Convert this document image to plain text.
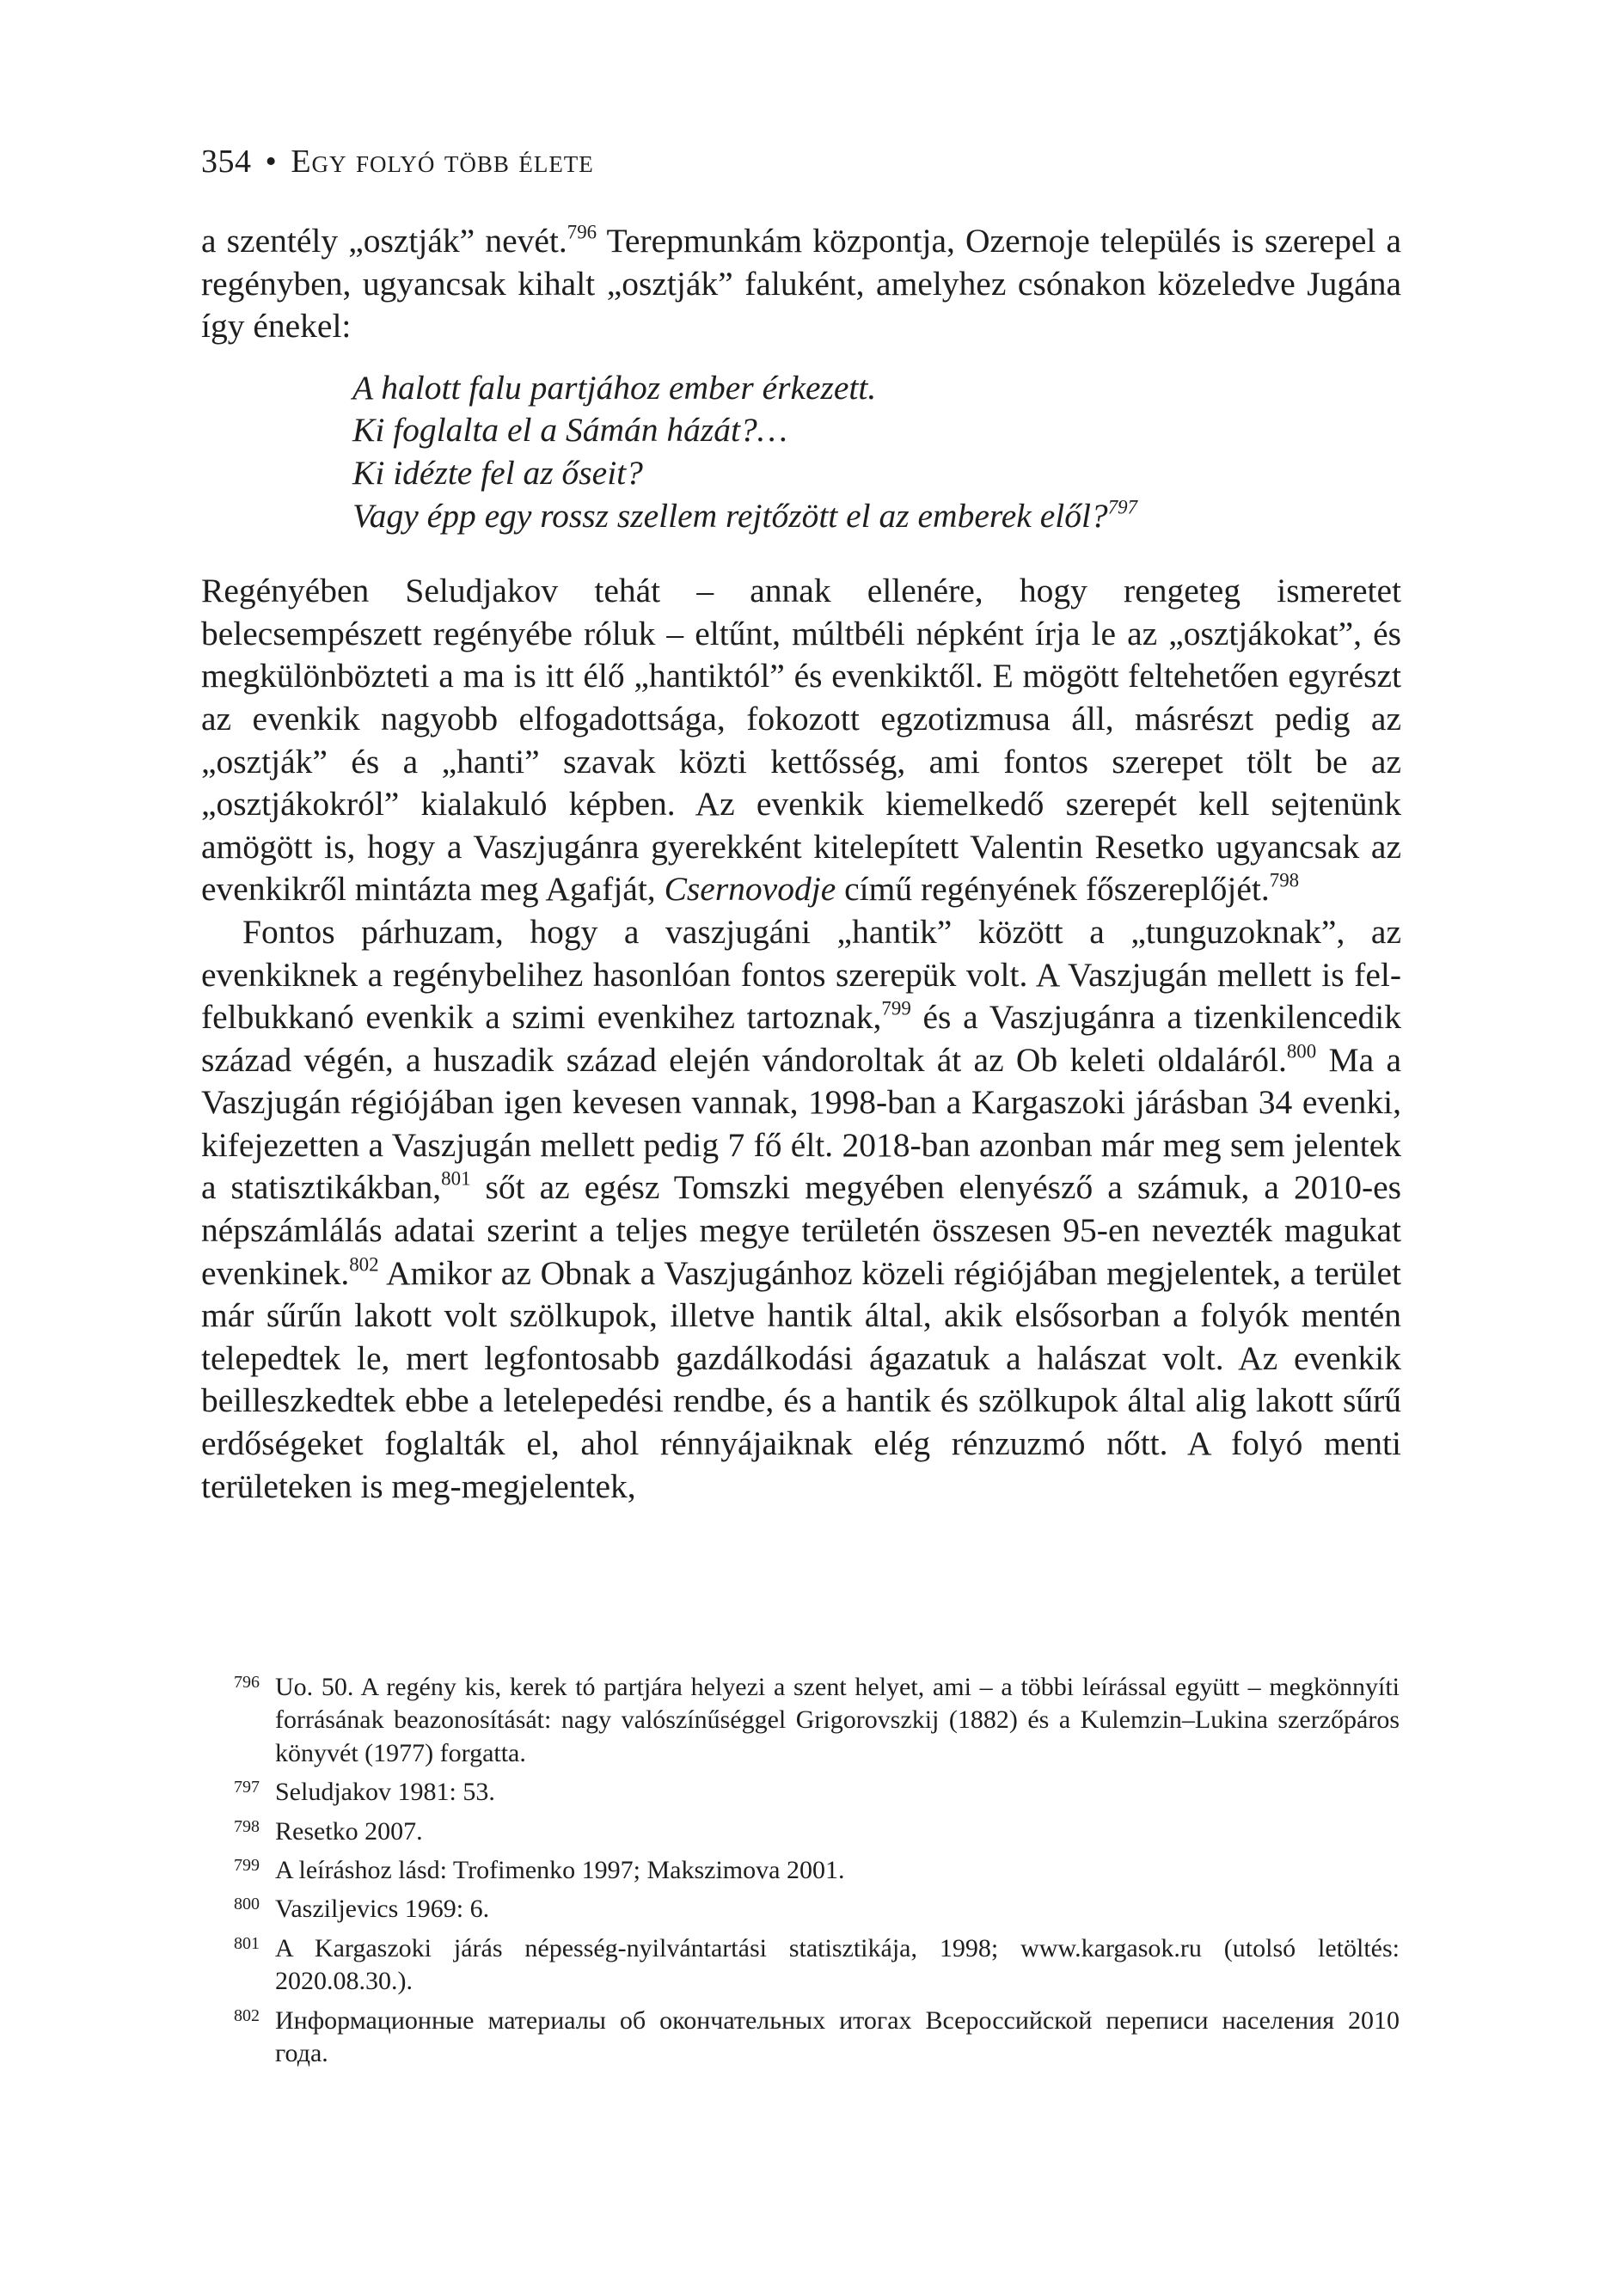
354 • Egy folyó több élete

a szentély „osztják” nevét.$^{796}$ Terepmunkám központja, Ozernoje település is szerepel a regényben, ugyancsak kihalt „osztják” faluként, amelyhez csónakon közeledve Jugána így énekel:

A halott falu partjához ember érkezett.
Ki foglalta el a Sámán házát?…
Ki idézte fel az őseit?
Vagy épp egy rossz szellem rejtőzött el az emberek elől?$^{797}$

Regényében Seludjakov tehát – annak ellenére, hogy rengeteg ismeretet belecsempészett regényébe róluk – eltűnt, múltbéli népként írja le az „osztjákokat”, és megkülönbözteti a ma is itt élő „hantiktól” és evenkiktől. E mögött feltehetően egyrészt az evenkik nagyobb elfogadottsága, fokozott egzotizmusa áll, másrészt pedig az „osztják” és a „hanti” szavak közti kettősség, ami fontos szerepet tölt be az „osztjákokról” kialakuló képben. Az evenkik kiemelkedő szerepét kell sejtenünk amögött is, hogy a Vaszjugánra gyerekként kitelepített Valentin Resetko ugyancsak az evenkikről mintázta meg Agafját, Csernovodje című regényének főszereplőjét.$^{798}$

Fontos párhuzam, hogy a vaszjugáni „hantik” között a „tunguzoknak”, az evenkiknek a regénybelihez hasonlóan fontos szerepük volt. A Vaszjugán mellett is fel-felbukkanó evenkik a szimi evenkihez tartoznak,$^{799}$ és a Vaszjugánra a tizenkilencedik század végén, a huszadik század elején vándoroltak át az Ob keleti oldaláról.$^{800}$ Ma a Vaszjugán régiójában igen kevesen vannak, 1998-ban a Kargaszoki járásban 34 evenki, kifejezetten a Vaszjugán mellett pedig 7 fő élt. 2018-ban azonban már meg sem jelentek a statisztikákban,$^{801}$ sőt az egész Tomszki megyében elenyésző a számuk, a 2010-es népszámlálás adatai szerint a teljes megye területén összesen 95-en nevezték magukat evenkinek.$^{802}$ Amikor az Obnak a Vaszjugánhoz közeli régiójában megjelentek, a terület már sűrűn lakott volt szölkupok, illetve hantik által, akik elsősorban a folyók mentén telepedtek le, mert legfontosabb gazdálkodási ágazatuk a halászat volt. Az evenkik beilleszkedtek ebbe a letelepedési rendbe, és a hantik és szölkupok által alig lakott sűrű erdőségeket foglalták el, ahol rénnyájaiknak elég rénzuzmó nőtt. A folyó menti területeken is meg-megjelentek,

796 Uo. 50. A regény kis, kerek tó partjára helyezi a szent helyet, ami – a többi leírással együtt – megkönnyíti forrásának beazonosítását: nagy valószínűséggel Grigorovszkij (1882) és a Kulemzin–Lukina szerzőpáros könyvét (1977) forgatta.
797 Seludjakov 1981: 53.
798 Resetko 2007.
799 A leíráshoz lásd: Trofimenko 1997; Makszimova 2001.
800 Vasziljevics 1969: 6.
801 A Kargaszoki járás népesség-nyilvántartási statisztikája, 1998; www.kargasok.ru (utolsó letöltés: 2020.08.30.).
802 Информационные материалы об окончательных итогах Всероссийской переписи населения 2010 года.
